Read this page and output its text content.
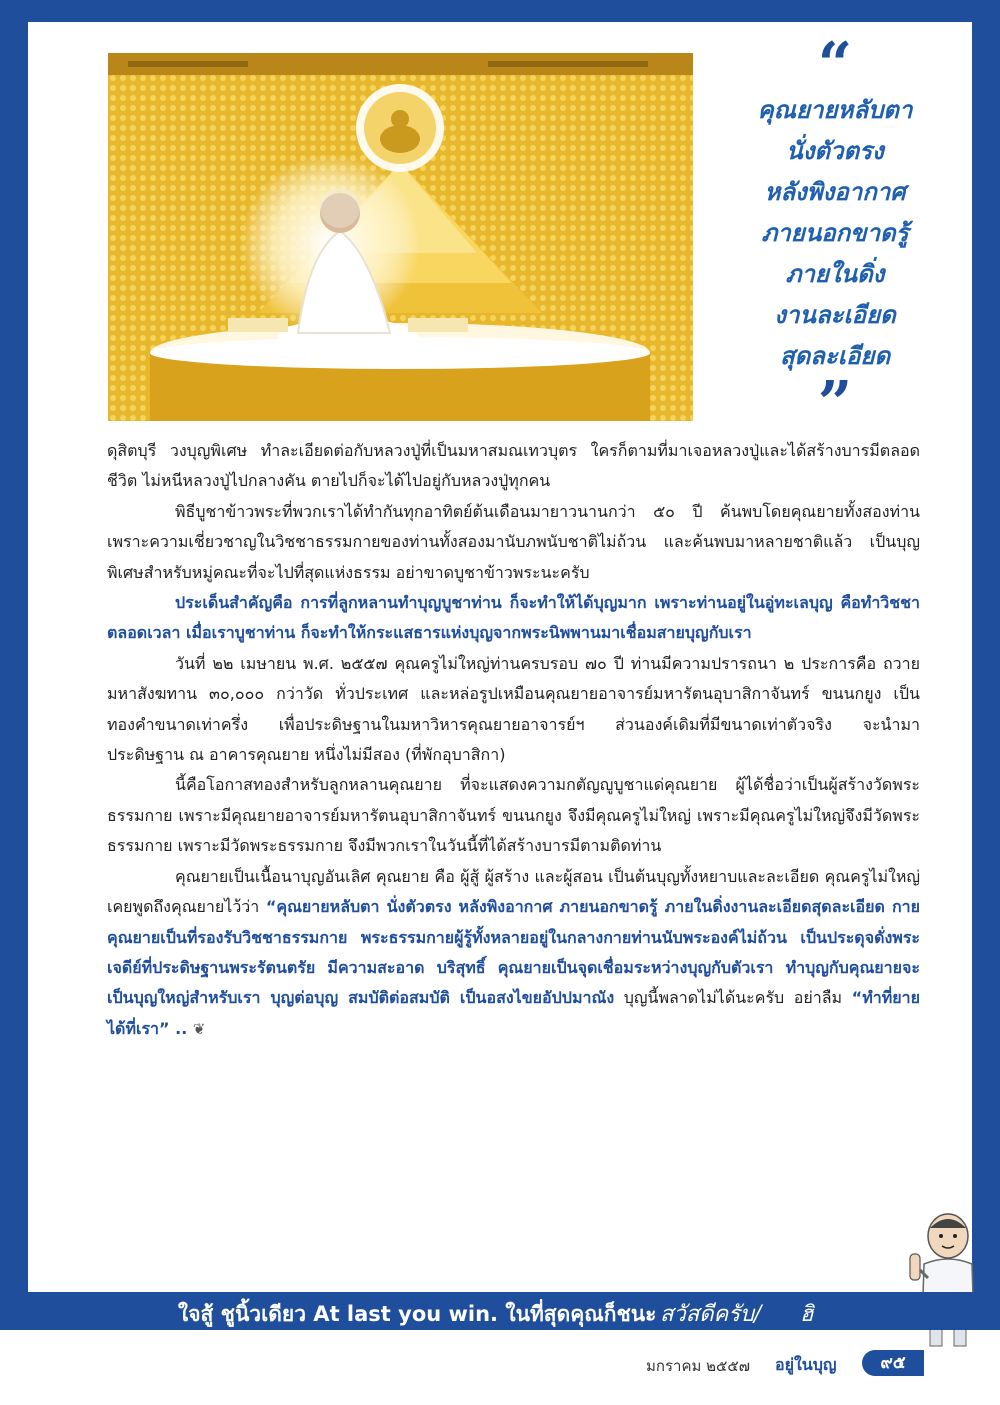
“
คุณยายหลับตา
นั่งตัวตรง
หลังพิงอากาศ
ภายนอกขาดรู้
ภายในดิ่ง
งานละเอียด
สุดละเอียด
”

ดุสิตบุรี วงบุญพิเศษ ทำละเอียดต่อกับหลวงปู่ที่เป็นมหาสมณเทวบุตร ใครก็ตามที่มาเจอหลวงปู่และได้สร้างบารมีตลอดชีวิต ไม่หนีหลวงปู่ไปกลางคัน ตายไปก็จะได้ไปอยู่กับหลวงปู่ทุกคน

พิธีบูชาข้าวพระที่พวกเราได้ทำกันทุกอาทิตย์ต้นเดือนมายาวนานกว่า ๕๐ ปี ค้นพบโดยคุณยายทั้งสองท่าน เพราะความเชี่ยวชาญในวิชชาธรรมกายของท่านทั้งสองมานับภพนับชาติไม่ถ้วน และค้นพบมาหลายชาติแล้ว เป็นบุญพิเศษสำหรับหมู่คณะที่จะไปที่สุดแห่งธรรม อย่าขาดบูชาข้าวพระนะครับ

ประเด็นสำคัญคือ การที่ลูกหลานทำบุญบูชาท่าน ก็จะทำให้ได้บุญมาก เพราะท่านอยู่ในอู่ทะเลบุญ คือทำวิชชาตลอดเวลา เมื่อเราบูชาท่าน ก็จะทำให้กระแสธารแห่งบุญจากพระนิพพานมาเชื่อมสายบุญกับเรา

วันที่ ๒๒ เมษายน พ.ศ. ๒๕๕๗ คุณครูไม่ใหญ่ท่านครบรอบ ๗๐ ปี ท่านมีความปรารถนา ๒ ประการคือ ถวายมหาสังฆทาน ๓๐,๐๐๐ กว่าวัด ทั่วประเทศ และหล่อรูปเหมือนคุณยายอาจารย์มหารัตนอุบาสิกาจันทร์ ขนนกยูง เป็นทองคำขนาดเท่าครึ่ง เพื่อประดิษฐานในมหาวิหารคุณยายอาจารย์ฯ ส่วนองค์เดิมที่มีขนาดเท่าตัวจริง จะนำมาประดิษฐาน ณ อาคารคุณยาย หนึ่งไม่มีสอง (ที่พักอุบาสิกา)

นี้คือโอกาสทองสำหรับลูกหลานคุณยาย ที่จะแสดงความกตัญญูบูชาแด่คุณยาย ผู้ได้ชื่อว่าเป็นผู้สร้างวัดพระธรรมกาย เพราะมีคุณยายอาจารย์มหารัตนอุบาสิกาจันทร์ ขนนกยูง จึงมีคุณครูไม่ใหญ่ เพราะมีคุณครูไม่ใหญ่จึงมีวัดพระธรรมกาย เพราะมีวัดพระธรรมกาย จึงมีพวกเราในวันนี้ที่ได้สร้างบารมีตามติดท่าน

คุณยายเป็นเนื้อนาบุญอันเลิศ คุณยาย คือ ผู้สู้ ผู้สร้าง และผู้สอน เป็นต้นบุญทั้งหยาบและละเอียด คุณครูไม่ใหญ่เคยพูดถึงคุณยายไว้ว่า “คุณยายหลับตา นั่งตัวตรง หลังพิงอากาศ ภายนอกขาดรู้ ภายในดิ่งงานละเอียดสุดละเอียด กายคุณยายเป็นที่รองรับวิชชาธรรมกาย พระธรรมกายผู้รู้ทั้งหลายอยู่ในกลางกายท่านนับพระองค์ไม่ถ้วน เป็นประดุจดั่งพระเจดีย์ที่ประดิษฐานพระรัตนตรัย มีความสะอาด บริสุทธิ์ คุณยายเป็นจุดเชื่อมระหว่างบุญกับตัวเรา ทำบุญกับคุณยายจะเป็นบุญใหญ่สำหรับเรา บุญต่อบุญ สมบัติต่อสมบัติ เป็นอสงไขยอัปปมาณัง บุญนี้พลาดไม่ได้นะครับ อย่าลืม “ทำที่ยาย ได้ที่เรา” .. ❦

ใจสู้ ชูนิ้วเดียว At last you win. ในที่สุดคุณก็ชนะ สวัสดีครับ/ ฮิ
มกราคม ๒๕๕๗ อยู่ในบุญ	๙๕
